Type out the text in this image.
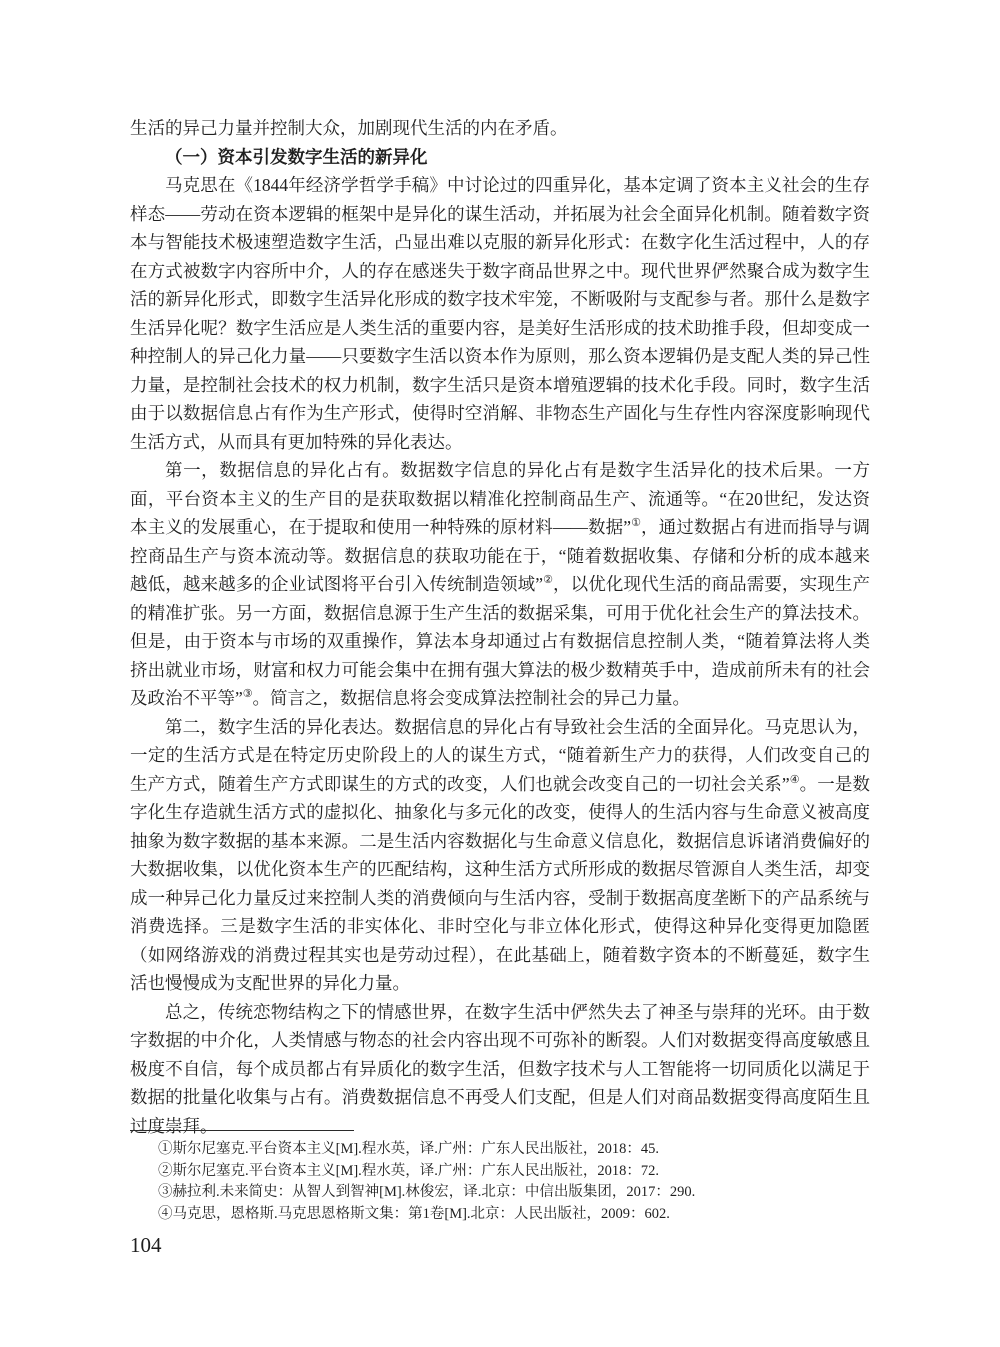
生活的异己力量并控制大众，加剧现代生活的内在矛盾。

（一）资本引发数字生活的新异化

马克思在《1844年经济学哲学手稿》中讨论过的四重异化，基本定调了资本主义社会的生存样态——劳动在资本逻辑的框架中是异化的谋生活动，并拓展为社会全面异化机制。随着数字资本与智能技术极速塑造数字生活，凸显出难以克服的新异化形式：在数字化生活过程中，人的存在方式被数字内容所中介，人的存在感迷失于数字商品世界之中。现代世界俨然聚合成为数字生活的新异化形式，即数字生活异化形成的数字技术牢笼，不断吸附与支配参与者。那什么是数字生活异化呢？数字生活应是人类生活的重要内容，是美好生活形成的技术助推手段，但却变成一种控制人的异己化力量——只要数字生活以资本作为原则，那么资本逻辑仍是支配人类的异己性力量，是控制社会技术的权力机制，数字生活只是资本增殖逻辑的技术化手段。同时，数字生活由于以数据信息占有作为生产形式，使得时空消解、非物态生产固化与生存性内容深度影响现代生活方式，从而具有更加特殊的异化表达。

第一，数据信息的异化占有。数据数字信息的异化占有是数字生活异化的技术后果。一方面，平台资本主义的生产目的是获取数据以精准化控制商品生产、流通等。“在20世纪，发达资本主义的发展重心，在于提取和使用一种特殊的原材料——数据”①，通过数据占有进而指导与调控商品生产与资本流动等。数据信息的获取功能在于，“随着数据收集、存储和分析的成本越来越低，越来越多的企业试图将平台引入传统制造领域”②，以优化现代生活的商品需要，实现生产的精准扩张。另一方面，数据信息源于生产生活的数据采集，可用于优化社会生产的算法技术。但是，由于资本与市场的双重操作，算法本身却通过占有数据信息控制人类，“随着算法将人类挤出就业市场，财富和权力可能会集中在拥有强大算法的极少数精英手中，造成前所未有的社会及政治不平等”③。简言之，数据信息将会变成算法控制社会的异己力量。

第二，数字生活的异化表达。数据信息的异化占有导致社会生活的全面异化。马克思认为，一定的生活方式是在特定历史阶段上的人的谋生方式，“随着新生产力的获得，人们改变自己的生产方式，随着生产方式即谋生的方式的改变，人们也就会改变自己的一切社会关系”④。一是数字化生存造就生活方式的虚拟化、抽象化与多元化的改变，使得人的生活内容与生命意义被高度抽象为数字数据的基本来源。二是生活内容数据化与生命意义信息化，数据信息诉诸消费偏好的大数据收集，以优化资本生产的匹配结构，这种生活方式所形成的数据尽管源自人类生活，却变成一种异己化力量反过来控制人类的消费倾向与生活内容，受制于数据高度垄断下的产品系统与消费选择。三是数字生活的非实体化、非时空化与非立体化形式，使得这种异化变得更加隐匿（如网络游戏的消费过程其实也是劳动过程），在此基础上，随着数字资本的不断蔓延，数字生活也慢慢成为支配世界的异化力量。

总之，传统恋物结构之下的情感世界，在数字生活中俨然失去了神圣与崇拜的光环。由于数字数据的中介化，人类情感与物态的社会内容出现不可弥补的断裂。人们对数据变得高度敏感且极度不自信，每个成员都占有异质化的数字生活，但数字技术与人工智能将一切同质化以满足于数据的批量化收集与占有。消费数据信息不再受人们支配，但是人们对商品数据变得高度陌生且过度崇拜。

①斯尔尼塞克.平台资本主义[M].程水英，译.广州：广东人民出版社，2018：45.
②斯尔尼塞克.平台资本主义[M].程水英，译.广州：广东人民出版社，2018：72.
③赫拉利.未来简史：从智人到智神[M].林俊宏，译.北京：中信出版集团，2017：290.
④马克思，恩格斯.马克思恩格斯文集：第1卷[M].北京：人民出版社，2009：602.
104
